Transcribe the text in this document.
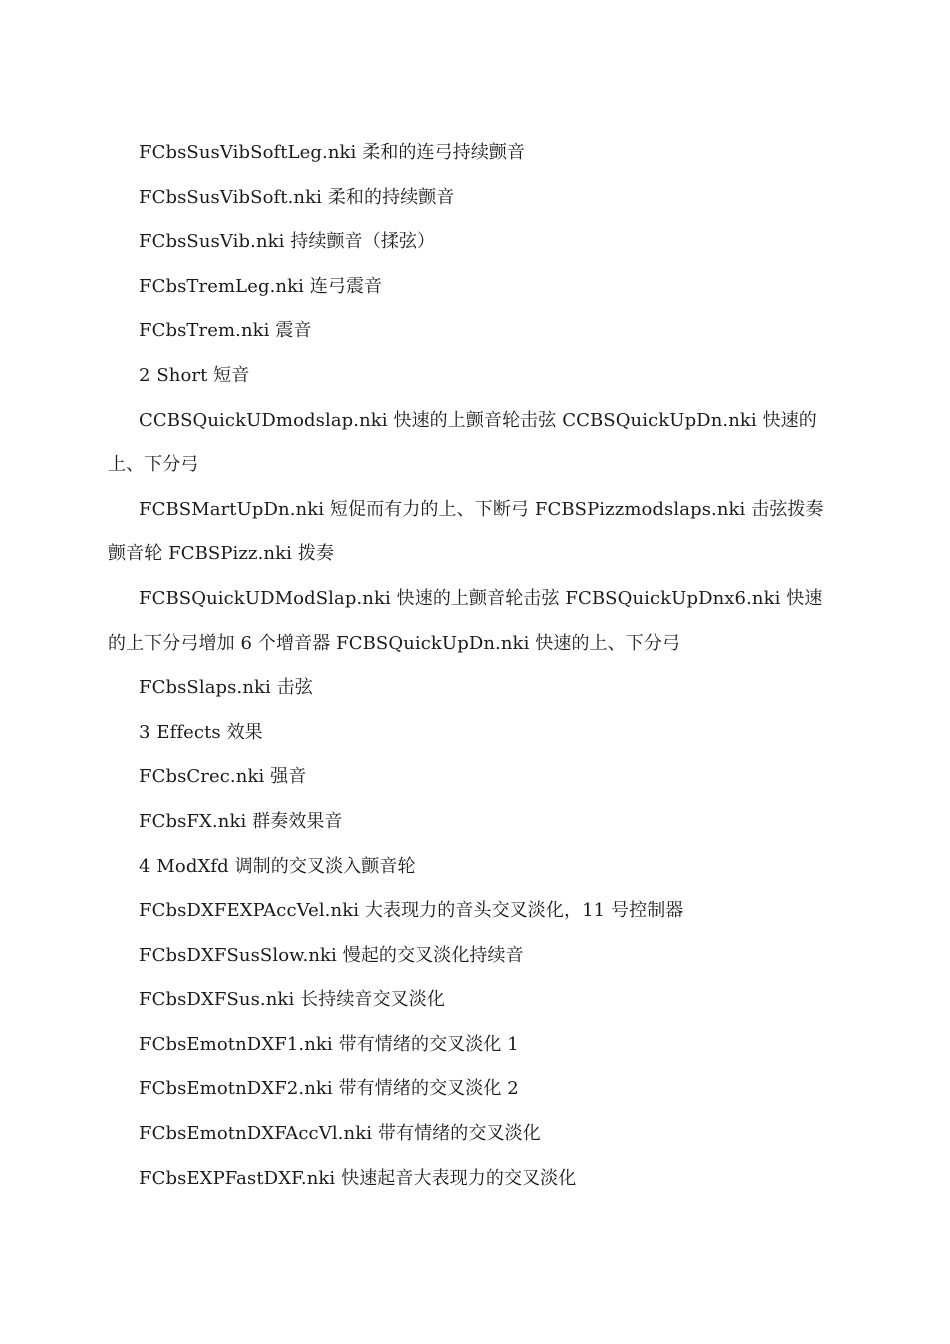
FCbsSusVibSoftLeg.nki 柔和的连弓持续颤音

FCbsSusVibSoft.nki 柔和的持续颤音

FCbsSusVib.nki 持续颤音（揉弦）

FCbsTremLeg.nki 连弓震音

FCbsTrem.nki 震音

2 Short 短音

CCBSQuickUDmodslap.nki 快速的上颤音轮击弦 CCBSQuickUpDn.nki 快速的上、下分弓

FCBSMartUpDn.nki 短促而有力的上、下断弓 FCBSPizzmodslaps.nki 击弦拨奏颤音轮 FCBSPizz.nki 拨奏

FCBSQuickUDModSlap.nki 快速的上颤音轮击弦 FCBSQuickUpDnx6.nki 快速的上下分弓增加 6 个增音器 FCBSQuickUpDn.nki 快速的上、下分弓

FCbsSlaps.nki 击弦

3 Effects 效果

FCbsCrec.nki 强音

FCbsFX.nki 群奏效果音

4 ModXfd 调制的交叉淡入颤音轮

FCbsDXFEXPAccVel.nki 大表现力的音头交叉淡化，11 号控制器

FCbsDXFSusSlow.nki 慢起的交叉淡化持续音

FCbsDXFSus.nki 长持续音交叉淡化

FCbsEmotnDXF1.nki 带有情绪的交叉淡化 1

FCbsEmotnDXF2.nki 带有情绪的交叉淡化 2

FCbsEmotnDXFAccVl.nki 带有情绪的交叉淡化

FCbsEXPFastDXF.nki 快速起音大表现力的交叉淡化
